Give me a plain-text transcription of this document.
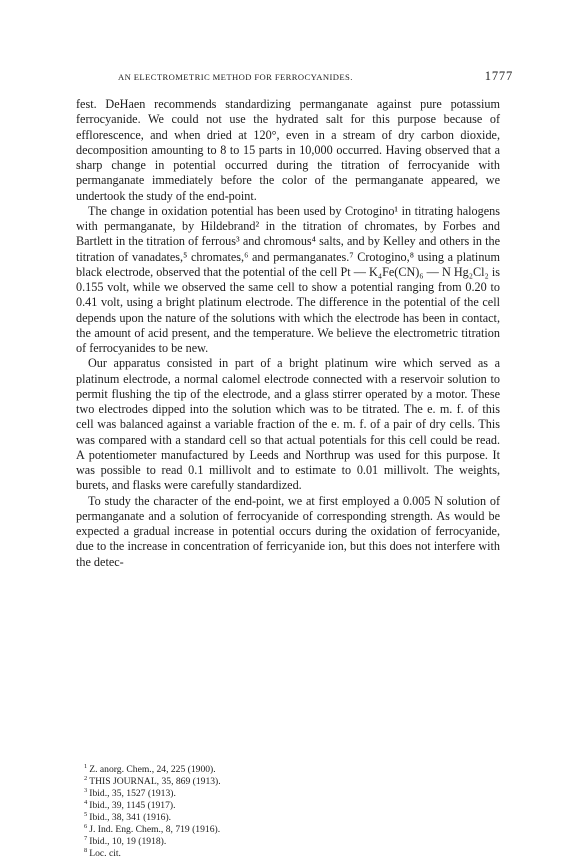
AN ELECTROMETRIC METHOD FOR FERROCYANIDES.	1777

fest. DeHaen recommends standardizing permanganate against pure potassium ferrocyanide. We could not use the hydrated salt for this purpose because of efflorescence, and when dried at 120°, even in a stream of dry carbon dioxide, decomposition amounting to 8 to 15 parts in 10,000 occurred. Having observed that a sharp change in potential occurred during the titration of ferrocyanide with permanganate immediately before the color of the permanganate appeared, we undertook the study of the end-point.

The change in oxidation potential has been used by Crotogino¹ in titrating halogens with permanganate, by Hildebrand² in the titration of chromates, by Forbes and Bartlett in the titration of ferrous³ and chromous⁴ salts, and by Kelley and others in the titration of vanadates,⁵ chromates,⁶ and permanganates.⁷ Crotogino,⁸ using a platinum black electrode, observed that the potential of the cell Pt — K₄Fe(CN)₆ — N Hg₂Cl₂ is 0.155 volt, while we observed the same cell to show a potential ranging from 0.20 to 0.41 volt, using a bright platinum electrode. The difference in the potential of the cell depends upon the nature of the solutions with which the electrode has been in contact, the amount of acid present, and the temperature. We believe the electrometric titration of ferrocyanides to be new.

Our apparatus consisted in part of a bright platinum wire which served as a platinum electrode, a normal calomel electrode connected with a reservoir solution to permit flushing the tip of the electrode, and a glass stirrer operated by a motor. These two electrodes dipped into the solution which was to be titrated. The e. m. f. of this cell was balanced against a variable fraction of the e. m. f. of a pair of dry cells. This was compared with a standard cell so that actual potentials for this cell could be read. A potentiometer manufactured by Leeds and Northrup was used for this purpose. It was possible to read 0.1 millivolt and to estimate to 0.01 millivolt. The weights, burets, and flasks were carefully standardized.

To study the character of the end-point, we at first employed a 0.005 N solution of permanganate and a solution of ferrocyanide of corresponding strength. As would be expected a gradual increase in potential occurs during the oxidation of ferrocyanide, due to the increase in concentration of ferricyanide ion, but this does not interfere with the detec-

$^1$ Z. anorg. Chem., 24, 225 (1900).
$^2$ THIS JOURNAL, 35, 869 (1913).
$^3$ Ibid., 35, 1527 (1913).
$^4$ Ibid., 39, 1145 (1917).
$^5$ Ibid., 38, 341 (1916).
$^6$ J. Ind. Eng. Chem., 8, 719 (1916).
$^7$ Ibid., 10, 19 (1918).
$^8$ Loc. cit.
